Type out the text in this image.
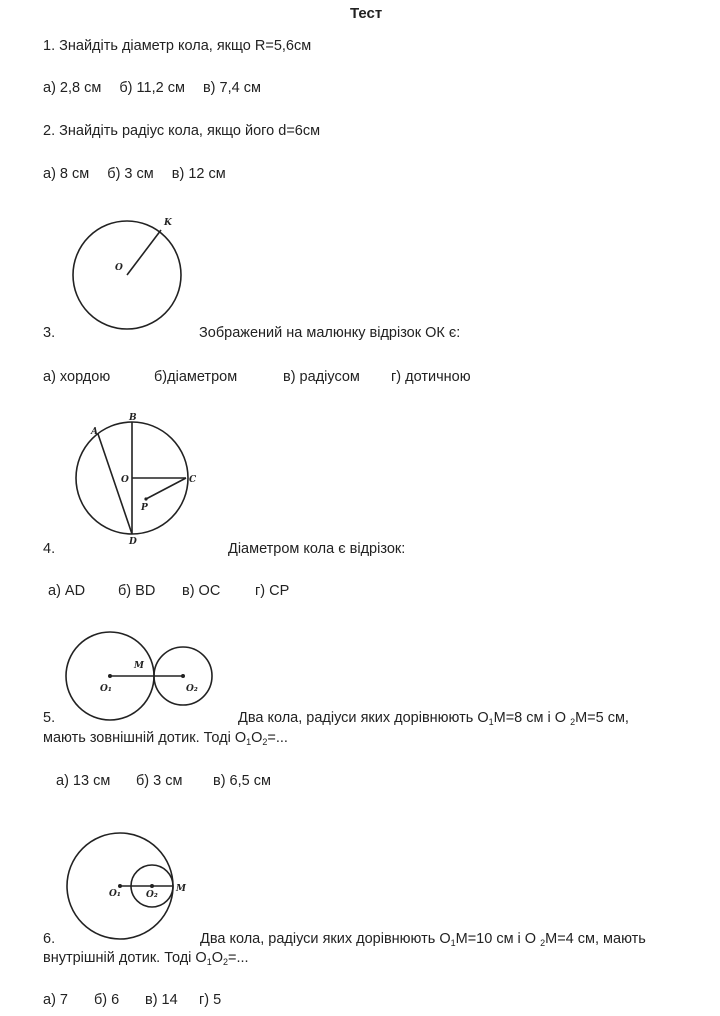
Тест
1. Знайдіть діаметр кола, якщо R=5,6см
а) 2,8 см б) 11,2 см в) 7,4 см
2. Знайдіть радіус кола, якщо його d=6см
а) 8 см б) 3 см в) 12 см
O
K
3.	Зображений на малюнку відрізок ОК є:
а) хордою	б)діаметром	в) радіусом г) дотичною
A
B
C
D
O
P
4.	Діаметром кола є відрізок:
а) AD б) BD в) OC г) CP
O₁	O₂
M
5.	Два кола, радіуси яких дорівнюють $O_1M=8$ см і O $_2$M=5 см,
мають зовнішній дотик. Тоді $O_1O_2=$...
а) 13 см б) 3 см в) 6,5 см
O₁	O₂
M
6.	Два кола, радіуси яких дорівнюють $O_1M=10$ см і O $_2$M=4 см, мають
внутрішній дотик. Тоді $O_1O_2=$...
а) 7 б) 6 в) 14 г) 5
